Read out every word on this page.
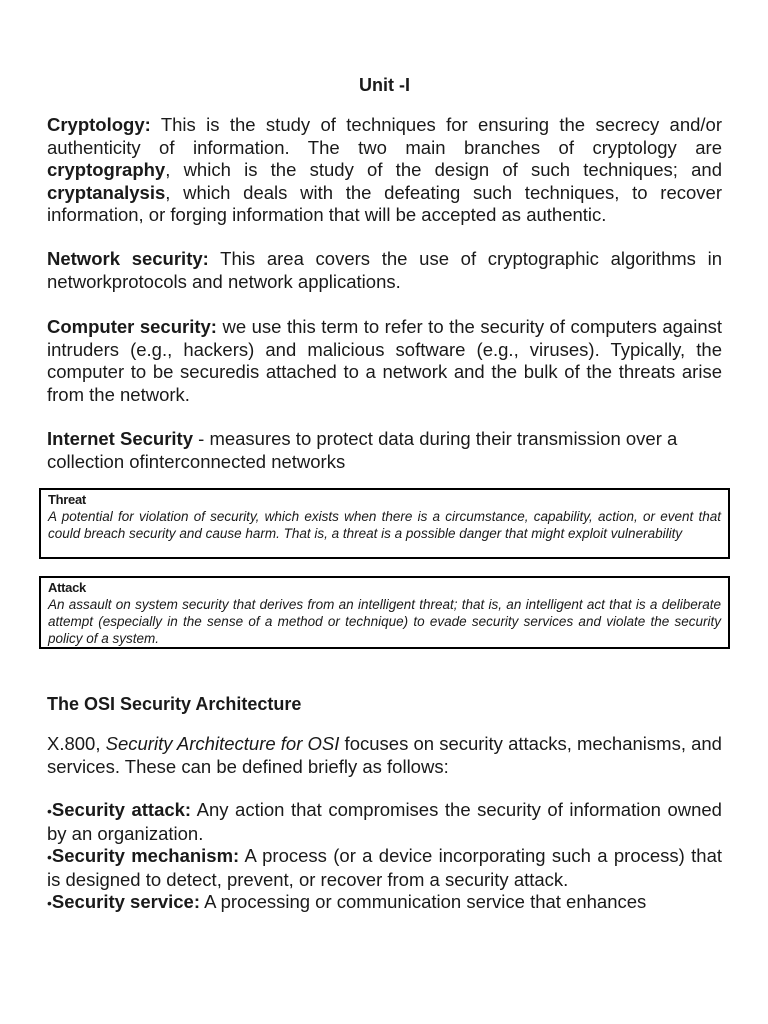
Unit -I

Cryptology: This is the study of techniques for ensuring the secrecy and/or authenticity of information. The two main branches of cryptology are cryptography, which is the study of the design of such techniques; and cryptanalysis, which deals with the defeating such techniques, to recover information, or forging information that will be accepted as authentic.

Network security: This area covers the use of cryptographic algorithms in networkprotocols and network applications.

Computer security: we use this term to refer to the security of computers against intruders (e.g., hackers) and malicious software (e.g., viruses). Typically, the computer to be securedis attached to a network and the bulk of the threats arise from the network.

Internet Security - measures to protect data during their transmission over a collection ofinterconnected networks

Threat
A potential for violation of security, which exists when there is a circumstance, capability, action, or event that could breach security and cause harm. That is, a threat is a possible danger that might exploit vulnerability
Attack
An assault on system security that derives from an intelligent threat; that is, an intelligent act that is a deliberate attempt (especially in the sense of a method or technique) to evade security services and violate the security policy of a system.
The OSI Security Architecture

X.800, Security Architecture for OSI focuses on security attacks, mechanisms, and services. These can be defined briefly as follows:

•Security attack: Any action that compromises the security of information owned by an organization.
•Security mechanism: A process (or a device incorporating such a process) that is designed to detect, prevent, or recover from a security attack.
•Security service: A processing or communication service that enhances
